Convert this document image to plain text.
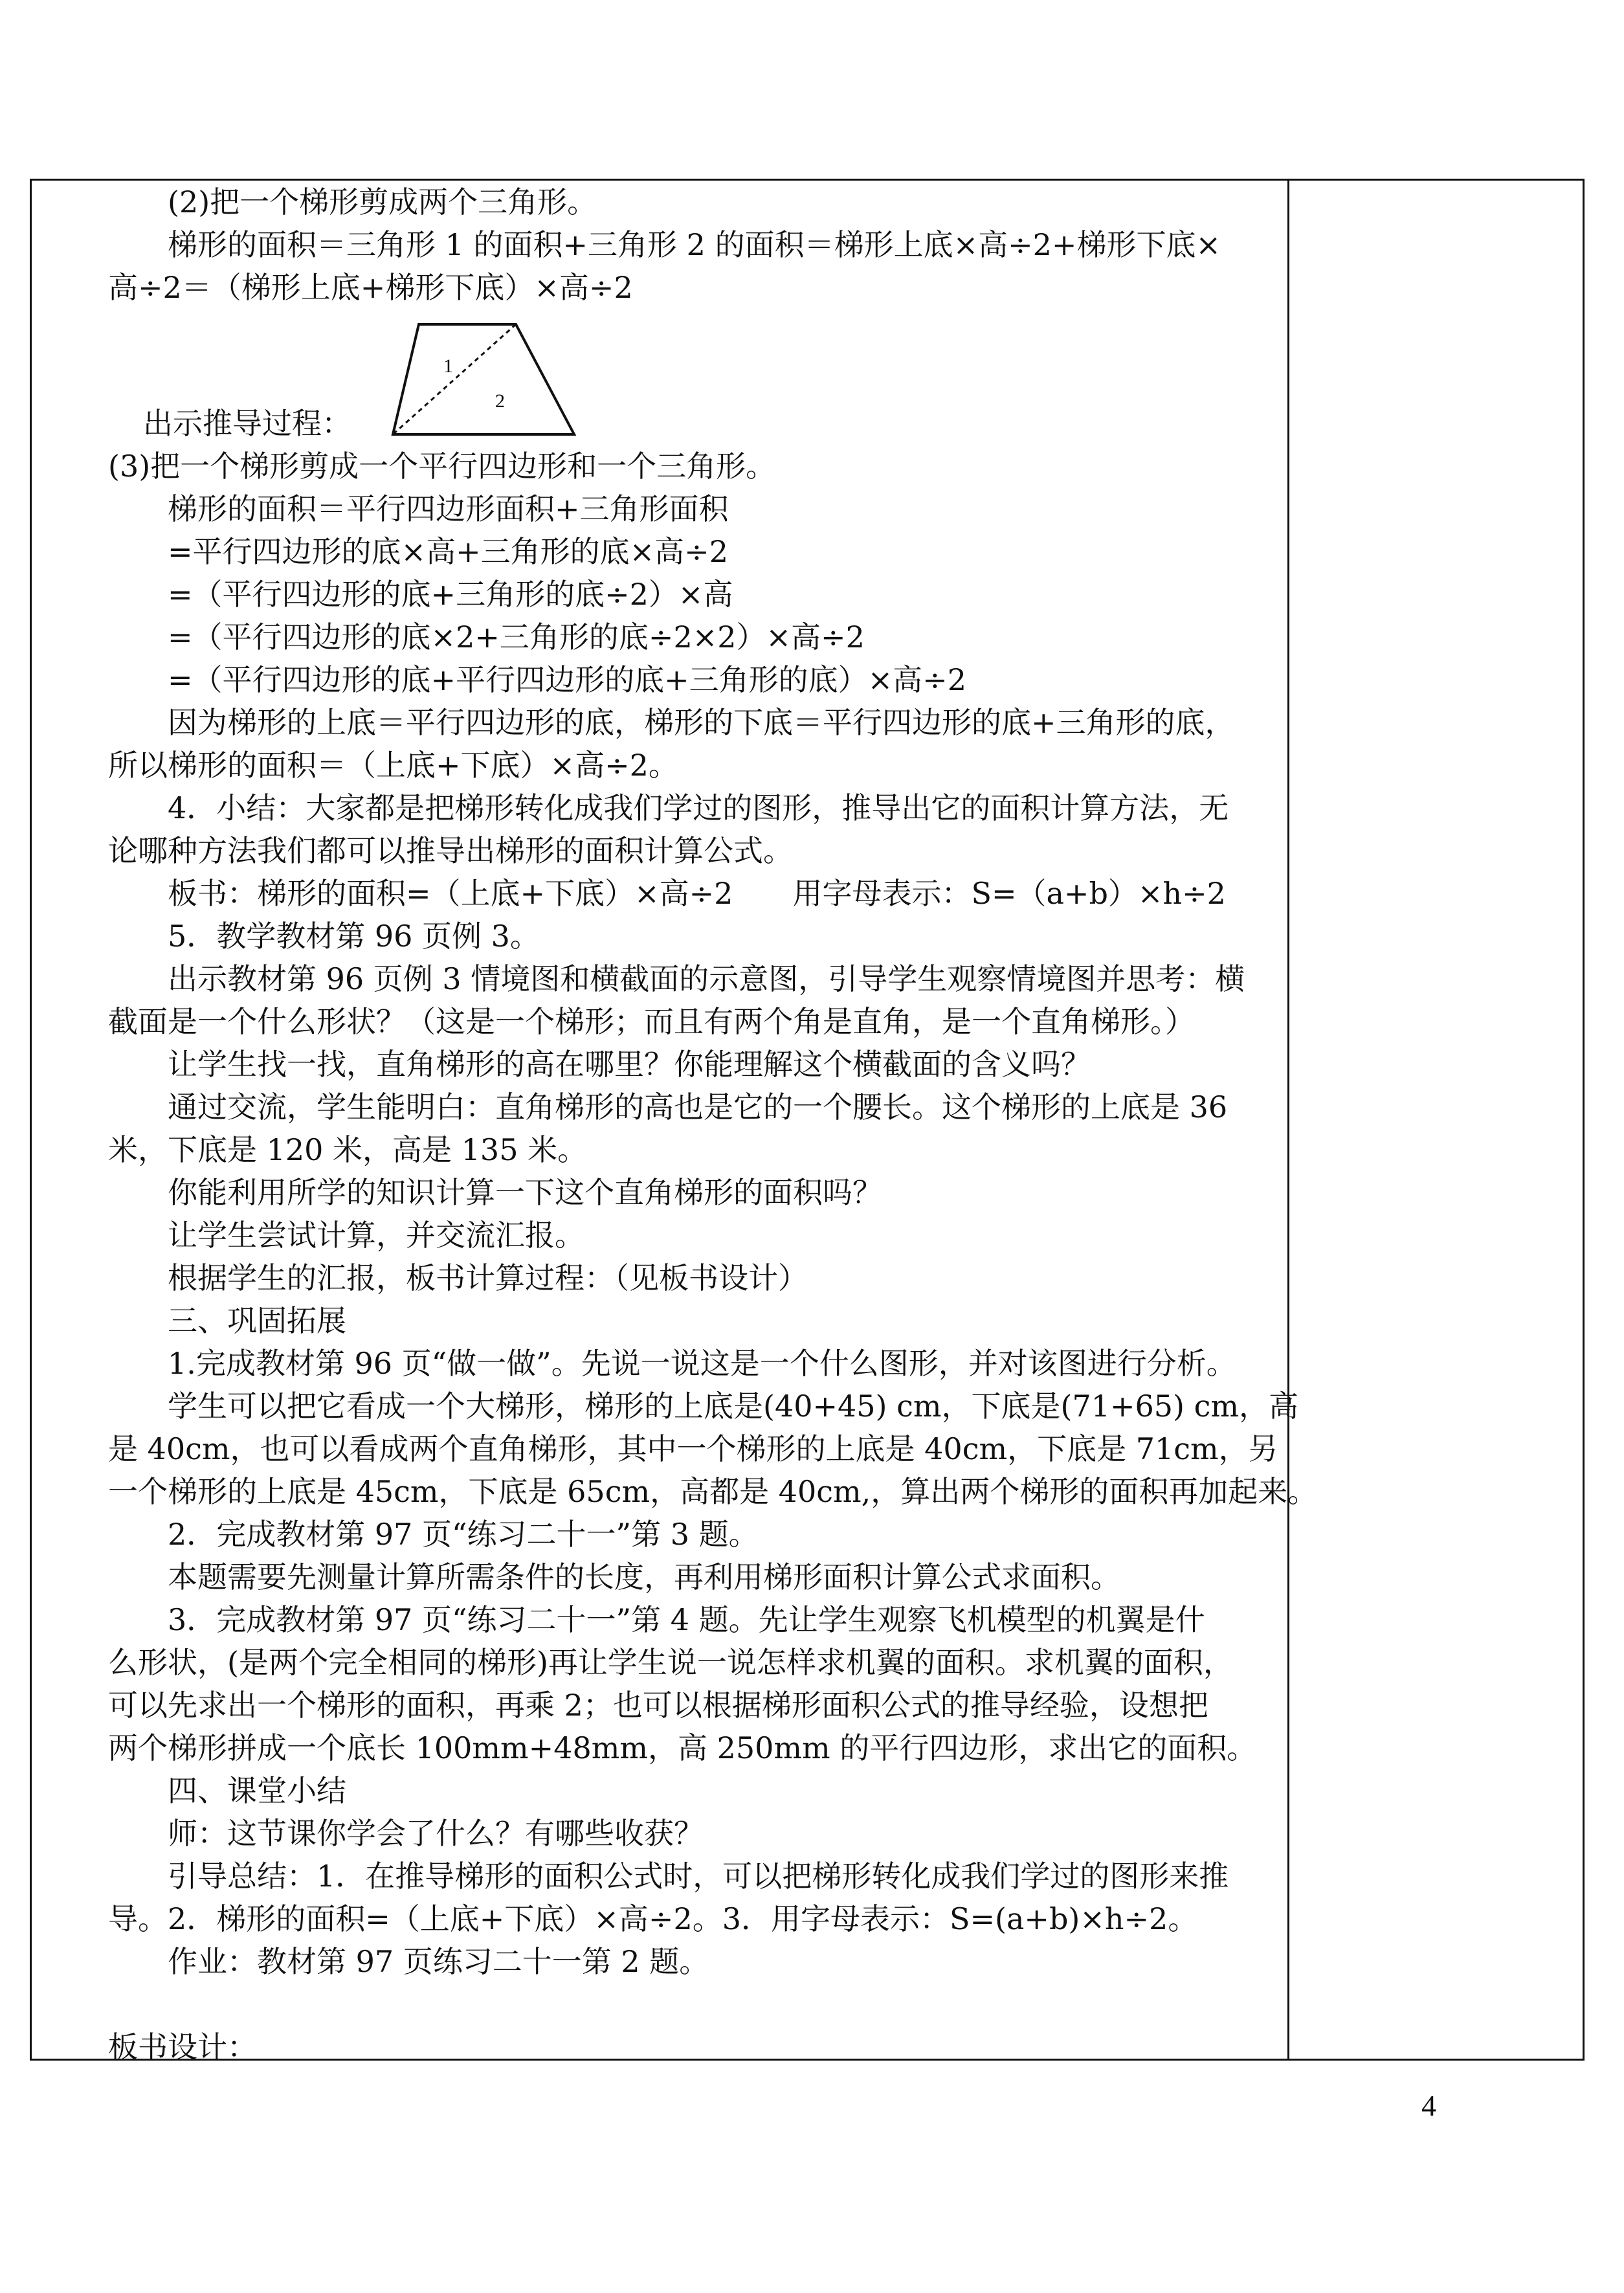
(2)把一个梯形剪成两个三角形。
梯形的面积＝三角形 1 的面积+三角形 2 的面积＝梯形上底×高÷2+梯形下底×
高÷2＝（梯形上底+梯形下底）×高÷2
出示推导过程：
1
2
(3)把一个梯形剪成一个平行四边形和一个三角形。
梯形的面积＝平行四边形面积+三角形面积
=平行四边形的底×高+三角形的底×高÷2
=（平行四边形的底+三角形的底÷2）×高
=（平行四边形的底×2+三角形的底÷2×2）×高÷2
=（平行四边形的底+平行四边形的底+三角形的底）×高÷2
因为梯形的上底＝平行四边形的底，梯形的下底＝平行四边形的底+三角形的底，
所以梯形的面积＝（上底+下底）×高÷2。
4．小结：大家都是把梯形转化成我们学过的图形，推导出它的面积计算方法，无
论哪种方法我们都可以推导出梯形的面积计算公式。
板书：梯形的面积=（上底+下底）×高÷2　　用字母表示：S=（a+b）×h÷2
5．教学教材第 96 页例 3。
出示教材第 96 页例 3 情境图和横截面的示意图，引导学生观察情境图并思考：横
截面是一个什么形状？（这是一个梯形；而且有两个角是直角，是一个直角梯形。）
让学生找一找，直角梯形的高在哪里？你能理解这个横截面的含义吗？
通过交流，学生能明白：直角梯形的高也是它的一个腰长。这个梯形的上底是 36
米，下底是 120 米，高是 135 米。
你能利用所学的知识计算一下这个直角梯形的面积吗？
让学生尝试计算，并交流汇报。
根据学生的汇报，板书计算过程：（见板书设计）
三、巩固拓展
1.完成教材第 96 页“做一做”。先说一说这是一个什么图形，并对该图进行分析。
学生可以把它看成一个大梯形，梯形的上底是(40+45) cm，下底是(71+65) cm，高
是 40cm，也可以看成两个直角梯形，其中一个梯形的上底是 40cm，下底是 71cm，另
一个梯形的上底是 45cm，下底是 65cm，高都是 40cm,，算出两个梯形的面积再加起来。
2．完成教材第 97 页“练习二十一”第 3 题。
本题需要先测量计算所需条件的长度，再利用梯形面积计算公式求面积。
3．完成教材第 97 页“练习二十一”第 4 题。先让学生观察飞机模型的机翼是什
么形状，(是两个完全相同的梯形)再让学生说一说怎样求机翼的面积。求机翼的面积，
可以先求出一个梯形的面积，再乘 2；也可以根据梯形面积公式的推导经验，设想把
两个梯形拼成一个底长 100mm+48mm，高 250mm 的平行四边形，求出它的面积。
四、课堂小结
师：这节课你学会了什么？有哪些收获？
引导总结：1．在推导梯形的面积公式时，可以把梯形转化成我们学过的图形来推
导。2．梯形的面积=（上底+下底）×高÷2。3．用字母表示：S=(a+b)×h÷2。
作业：教材第 97 页练习二十一第 2 题。
板书设计：
4
